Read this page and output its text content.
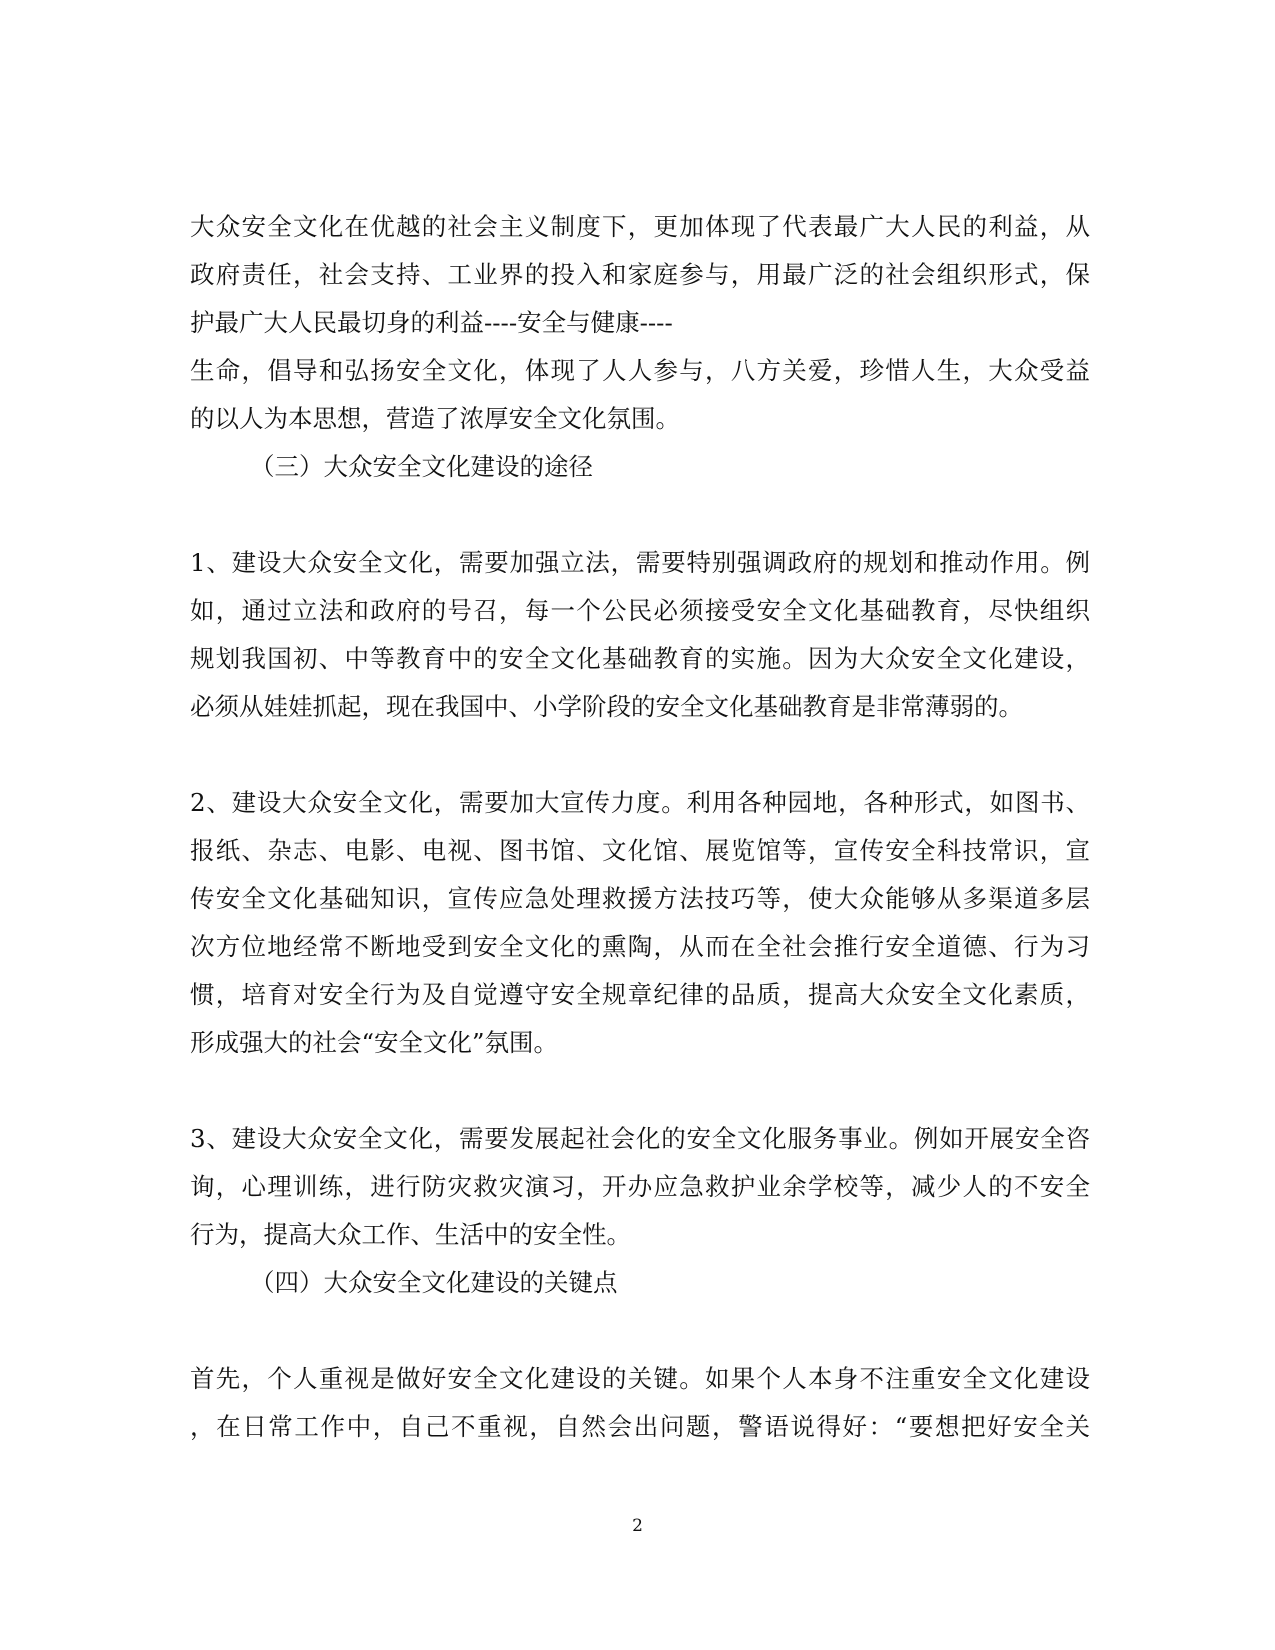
大众安全文化在优越的社会主义制度下，更加体现了代表最广大人民的利益，从
政府责任，社会支持、工业界的投入和家庭参与，用最广泛的社会组织形式，保
护最广大人民最切身的利益----安全与健康----
生命，倡导和弘扬安全文化，体现了人人参与，八方关爱，珍惜人生，大众受益
的以人为本思想，营造了浓厚安全文化氛围。
（三）大众安全文化建设的途径
1、建设大众安全文化，需要加强立法，需要特别强调政府的规划和推动作用。例
如，通过立法和政府的号召，每一个公民必须接受安全文化基础教育，尽快组织
规划我国初、中等教育中的安全文化基础教育的实施。因为大众安全文化建设，
必须从娃娃抓起，现在我国中、小学阶段的安全文化基础教育是非常薄弱的。
2、建设大众安全文化，需要加大宣传力度。利用各种园地，各种形式，如图书、
报纸、杂志、电影、电视、图书馆、文化馆、展览馆等，宣传安全科技常识，宣
传安全文化基础知识，宣传应急处理救援方法技巧等，使大众能够从多渠道多层
次方位地经常不断地受到安全文化的熏陶，从而在全社会推行安全道德、行为习
惯，培育对安全行为及自觉遵守安全规章纪律的品质，提高大众安全文化素质，
形成强大的社会“安全文化”氛围。
3、建设大众安全文化，需要发展起社会化的安全文化服务事业。例如开展安全咨
询，心理训练，进行防灾救灾演习，开办应急救护业余学校等，减少人的不安全
行为，提高大众工作、生活中的安全性。
（四）大众安全文化建设的关键点
首先，个人重视是做好安全文化建设的关键。如果个人本身不注重安全文化建设
，在日常工作中，自己不重视，自然会出问题，警语说得好：“要想把好安全关
2
